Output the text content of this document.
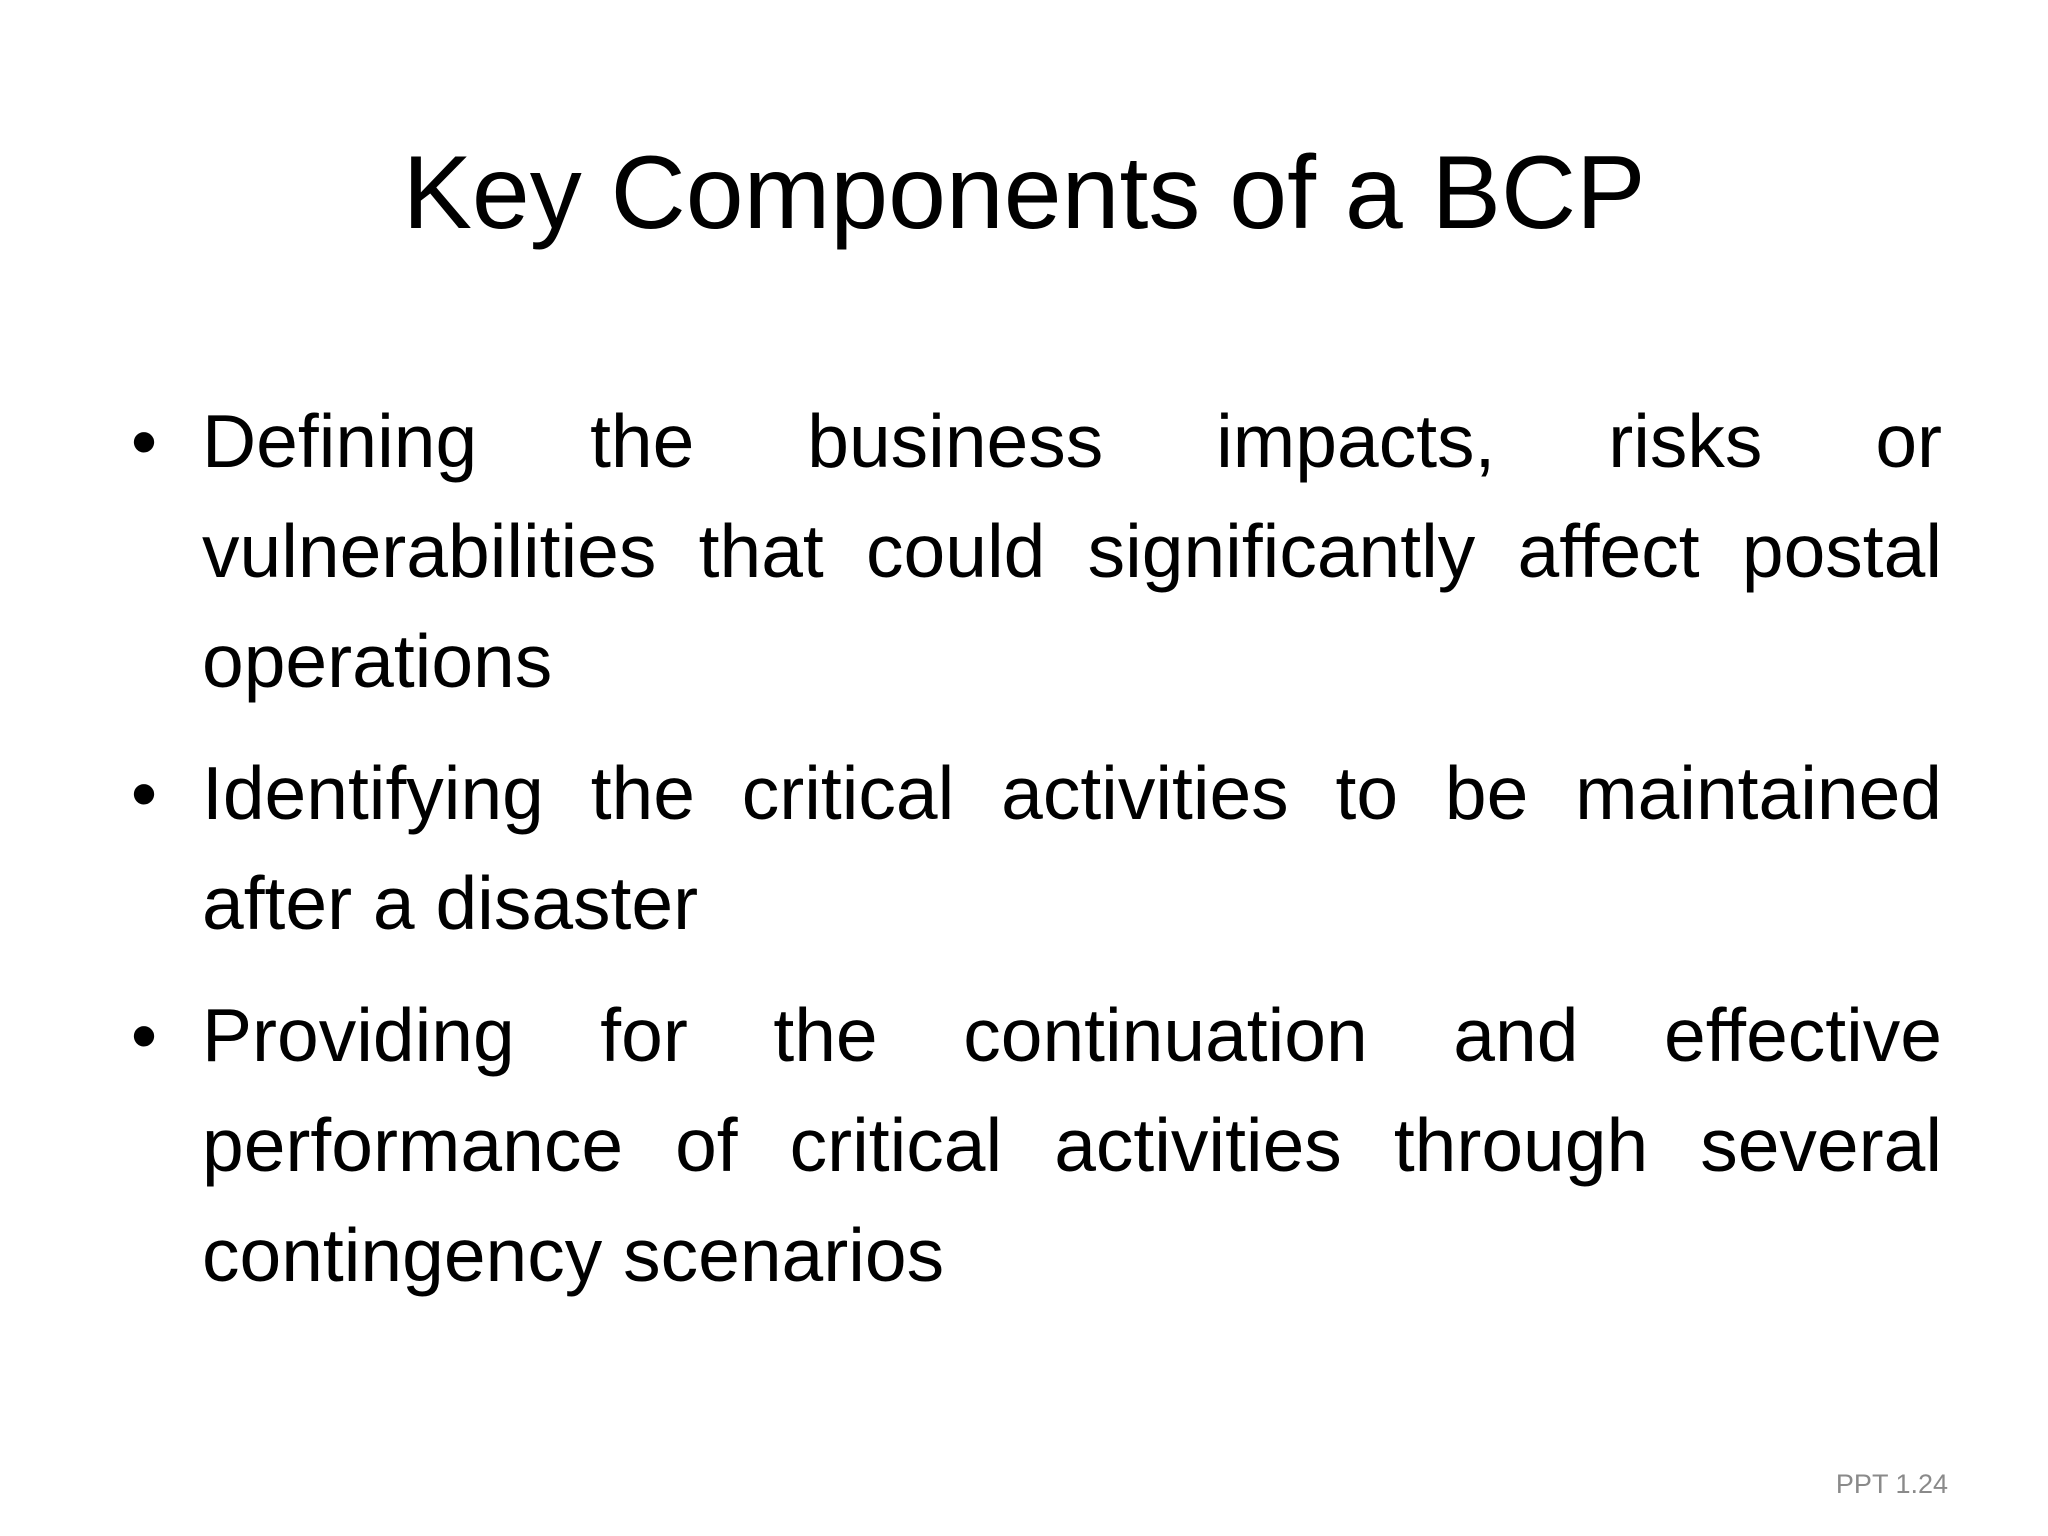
Key Components of a BCP
• Defining the business impacts, risks or vulnerabilities that could significantly affect postal operations
• Identifying the critical activities to be maintained after a disaster
• Providing for the continuation and effective performance of critical activities through several contingency scenarios
PPT 1.24
